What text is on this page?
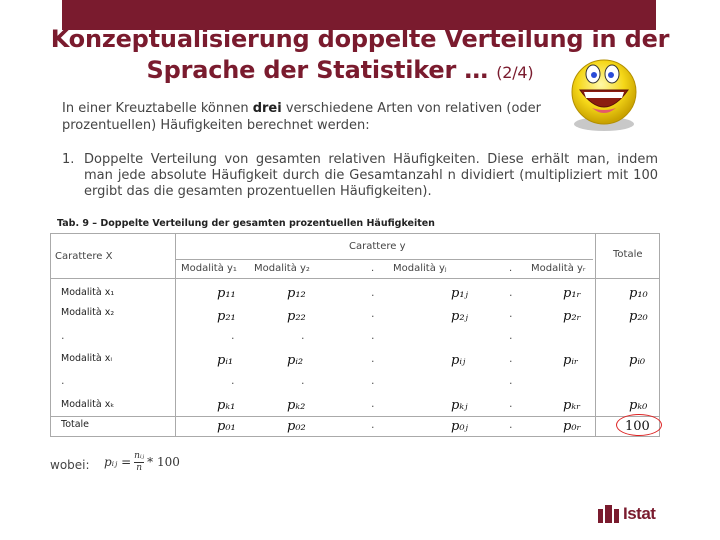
Konzeptualisierung doppelte Verteilung in der
Sprache der Statistiker … (2/4)
In einer Kreuztabelle können drei verschiedene Arten von relativen (oder prozentuellen) Häufigkeiten berechnet werden:
1. Doppelte Verteilung von gesamten relativen Häufigkeiten. Diese erhält man, indem man jede absolute Häufigkeit durch die Gesamtanzahl n dividiert (multipliziert mit 100 ergibt das die gesamten prozentuellen Häufigkeiten).
Tab. 9 – Doppelte Verteilung der gesamten prozentuellen Häufigkeiten
Carattere X
Carattere y
Totale
Modalità y₁ Modalità y₂	. Modalità yⱼ	. Modalità yᵣ
Modalità x₁	p₁₁	p₁₂	.	p₁ⱼ	.	p₁ᵣ	p₁₀
Modalità x₂	p₂₁	p₂₂	.	p₂ⱼ	.	p₂ᵣ	p₂₀
.	.	.	.	.
Modalità xᵢ	pᵢ₁	pᵢ₂	.	pᵢⱼ	.	pᵢᵣ	pᵢ₀
.	.	.	.	.
Modalità xₖ	pₖ₁	pₖ₂	.	pₖⱼ	.	pₖᵣ	pₖ₀
Totale	p₀₁	p₀₂	.	p₀ⱼ	.	p₀ᵣ	100
wobei: pᵢⱼ = $\frac{\text{nᵢⱼ}}{n} * 100$
Istat
